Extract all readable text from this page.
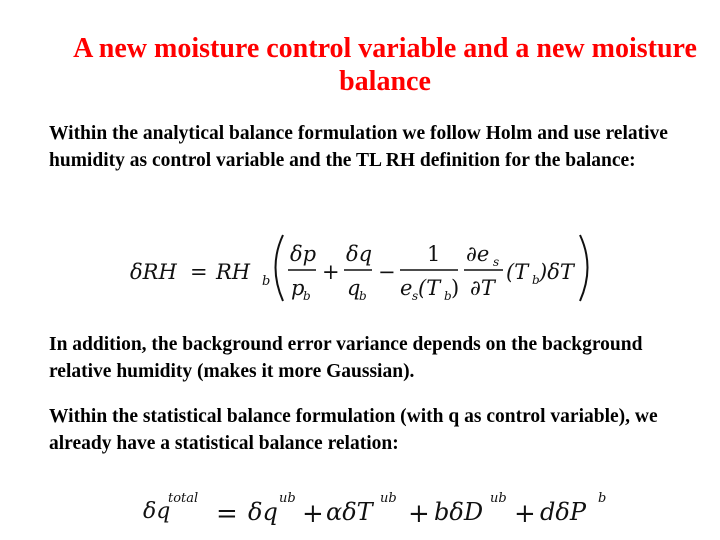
A new moisture control variable and a new moisture balance
Within the analytical balance formulation we follow Holm and use relative humidity as control variable and the TL RH definition for the balance:
δRH = RH b
δp
p
b
+
δq
q
b
−
1
e s (T b )
∂e s
∂T
(T b )δT
In addition, the background error variance depends on the background relative humidity (makes it more Gaussian).
Within the statistical balance formulation (with q as control variable), we already have a statistical balance relation:
δq
total
= δq ub
+ αδT ub
+ bδD ub
+ dδP b
